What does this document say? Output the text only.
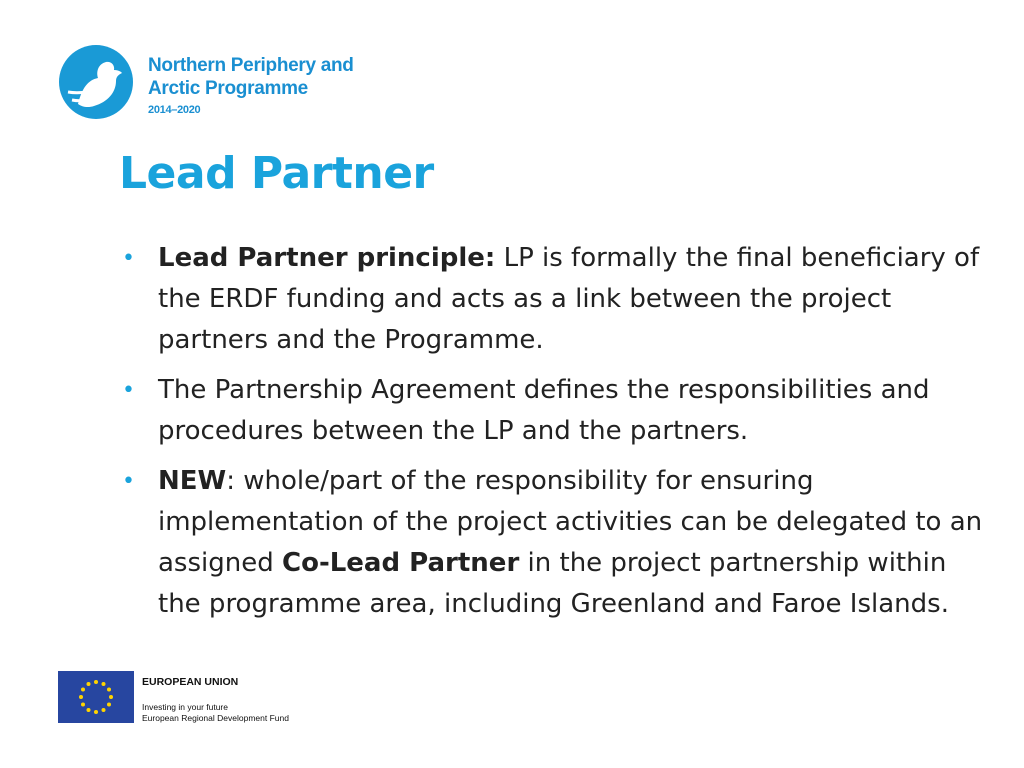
Northern Periphery and
Arctic Programme
2014–2020
Lead Partner
• Lead Partner principle: LP is formally the final beneficiary of the ERDF funding and acts as a link between the project partners and the Programme.
• The Partnership Agreement defines the responsibilities and procedures between the LP and the partners.
• NEW: whole/part of the responsibility for ensuring implementation of the project activities can be delegated to an assigned Co-Lead Partner in the project partnership within the programme area, including Greenland and Faroe Islands.

EUROPEAN UNION

Investing in your future
European Regional Development Fund
